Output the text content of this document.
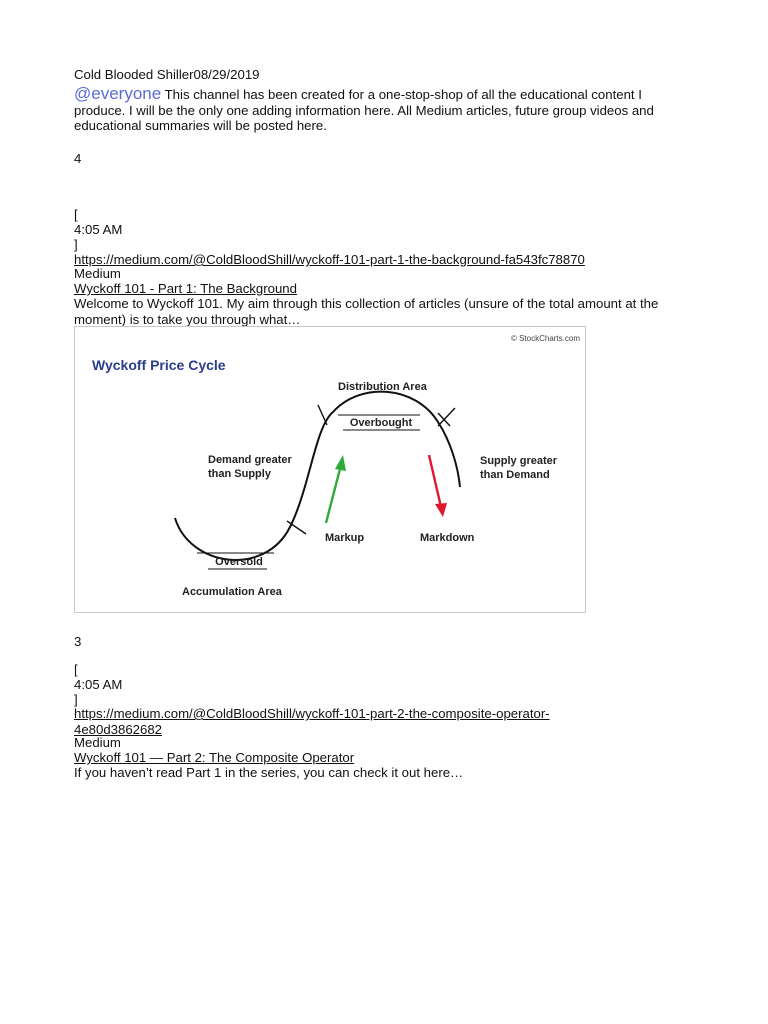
Cold Blooded Shiller08/29/2019
@everyone This channel has been created for a one-stop-shop of all the educational content I produce. I will be the only one adding information here. All Medium articles, future group videos and educational summaries will be posted here.
4
[
4:05 AM
]
https://medium.com/@ColdBloodShill/wyckoff-101-part-1-the-background-fa543fc78870
Medium
Wyckoff 101 - Part 1: The Background
Welcome to Wyckoff 101. My aim through this collection of articles (unsure of the total amount at the moment) is to take you through what…
© StockCharts.com
Wyckoff Price Cycle
Distribution Area
Overbought
Demand greater
than Supply
Supply greater
than Demand
Markup	Markdown
Oversold
Accumulation Area
3
[
4:05 AM
]
https://medium.com/@ColdBloodShill/wyckoff-101-part-2-the-composite-operator-4e80d3862682
Medium
Wyckoff 101 — Part 2: The Composite Operator
If you haven’t read Part 1 in the series, you can check it out here…
